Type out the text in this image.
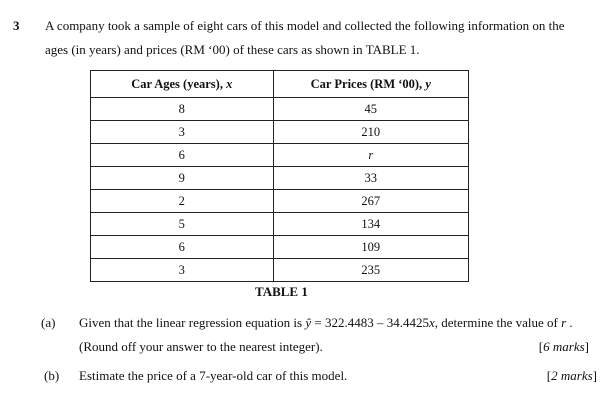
3 A company took a sample of eight cars of this model and collected the following information on the
ages (in years) and prices (RM ‘00) of these cars as shown in TABLE 1.
Car Ages (years), x	Car Prices (RM ‘00), y
8	45
3	210
6	r
9	33
2	267
5	134
6	109
3	235
TABLE 1
(a) Given that the linear regression equation is ŷ = 322.4483 – 34.4425x, determine the value of r .
(Round off your answer to the nearest integer).	[6 marks]
(b) Estimate the price of a 7-year-old car of this model.	[2 marks]
